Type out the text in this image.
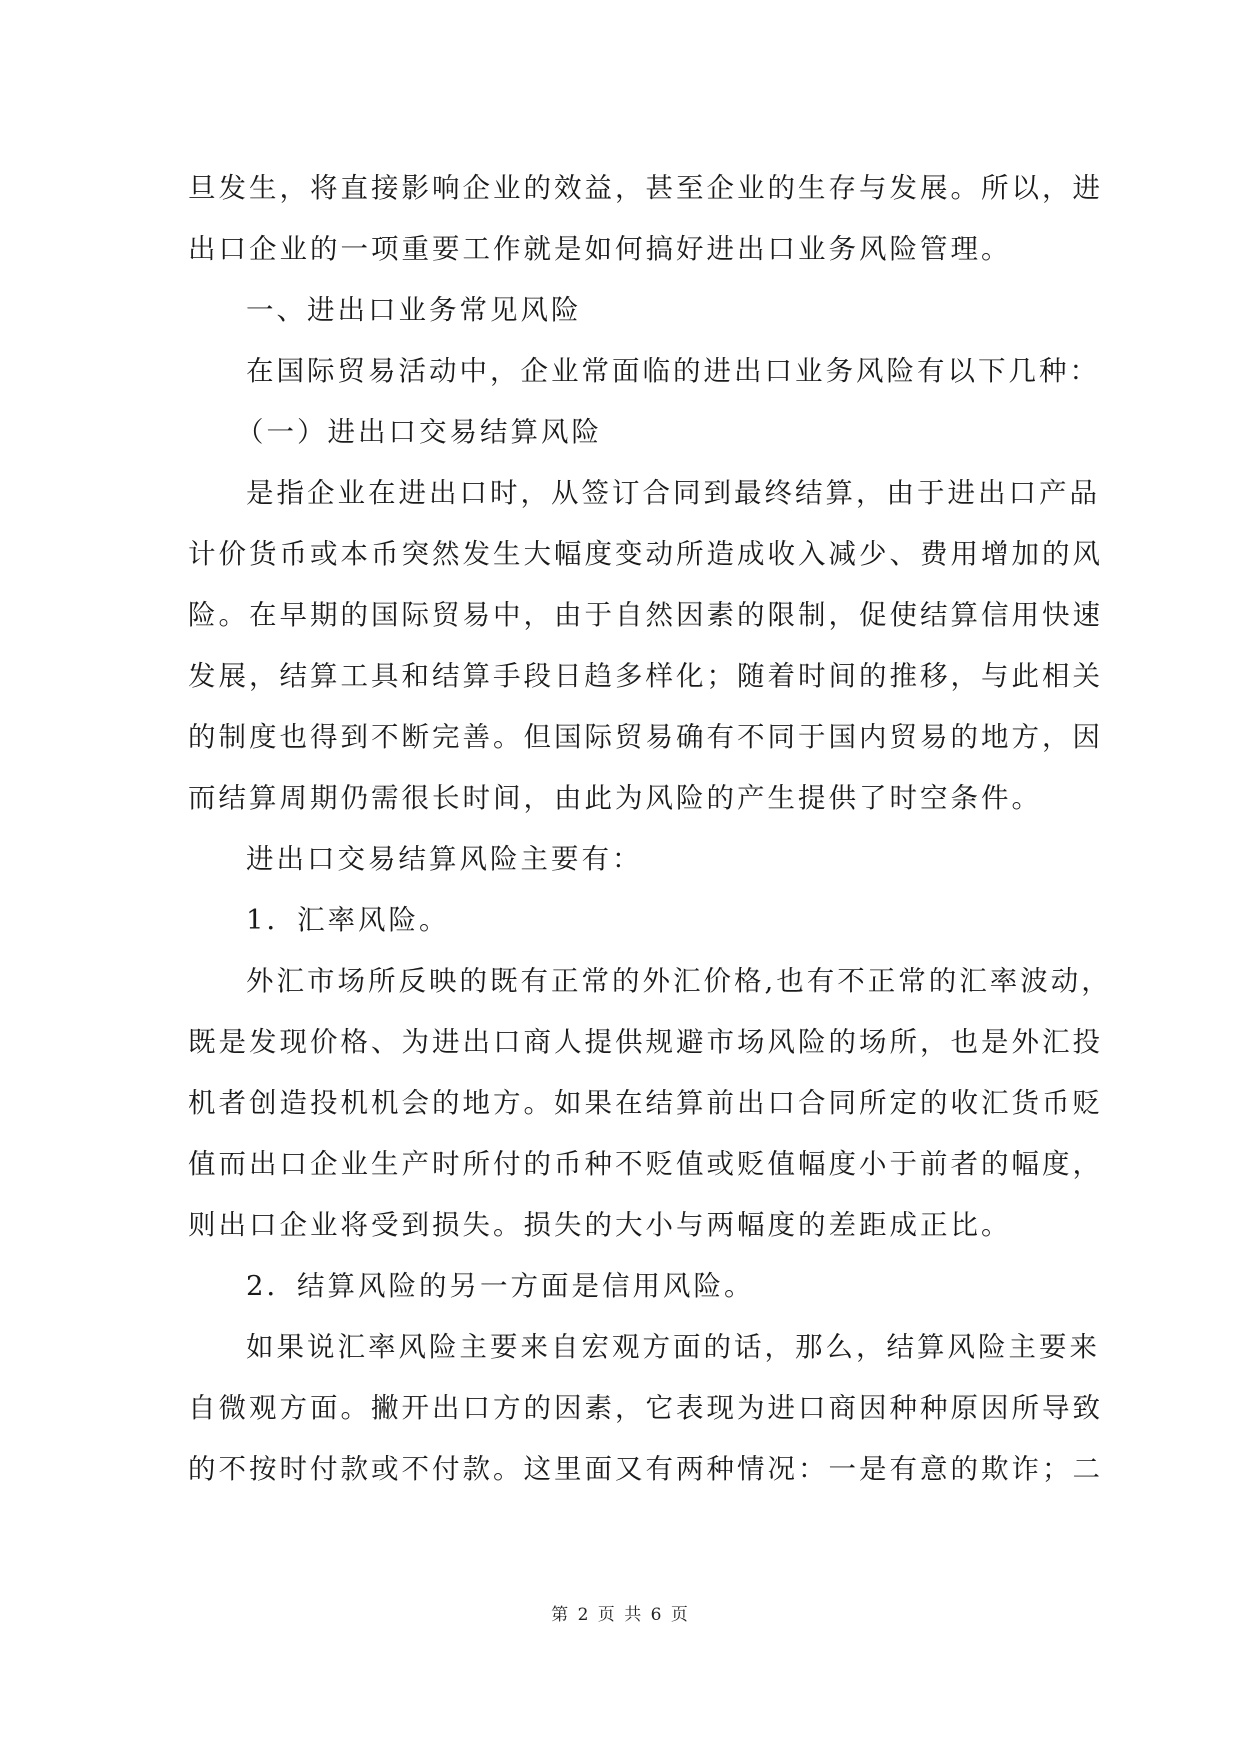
旦发生，将直接影响企业的效益，甚至企业的生存与发展。所以，进
出口企业的一项重要工作就是如何搞好进出口业务风险管理。
一、进出口业务常见风险
在国际贸易活动中，企业常面临的进出口业务风险有以下几种：
（一）进出口交易结算风险
是指企业在进出口时，从签订合同到最终结算，由于进出口产品
计价货币或本币突然发生大幅度变动所造成收入减少、费用增加的风
险。在早期的国际贸易中，由于自然因素的限制，促使结算信用快速
发展，结算工具和结算手段日趋多样化；随着时间的推移，与此相关
的制度也得到不断完善。但国际贸易确有不同于国内贸易的地方，因
而结算周期仍需很长时间，由此为风险的产生提供了时空条件。
进出口交易结算风险主要有：
1．汇率风险。
外汇市场所反映的既有正常的外汇价格,也有不正常的汇率波动，
既是发现价格、为进出口商人提供规避市场风险的场所，也是外汇投
机者创造投机机会的地方。如果在结算前出口合同所定的收汇货币贬
值而出口企业生产时所付的币种不贬值或贬值幅度小于前者的幅度，
则出口企业将受到损失。损失的大小与两幅度的差距成正比。
2．结算风险的另一方面是信用风险。
如果说汇率风险主要来自宏观方面的话，那么，结算风险主要来
自微观方面。撇开出口方的因素，它表现为进口商因种种原因所导致
的不按时付款或不付款。这里面又有两种情况：一是有意的欺诈；二
第 2 页 共 6 页
